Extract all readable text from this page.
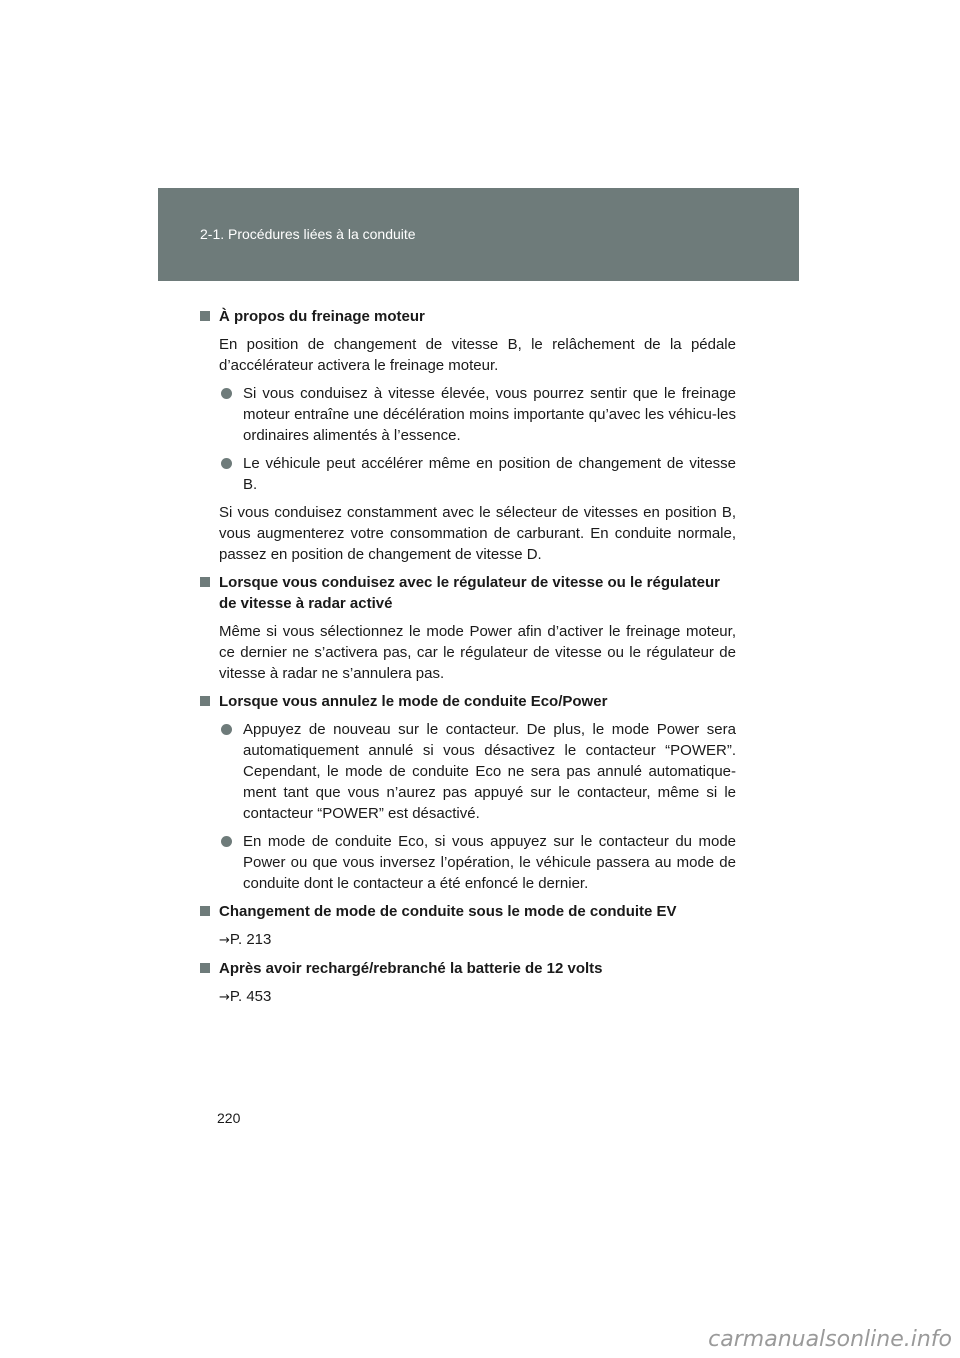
2-1. Procédures liées à la conduite
À propos du freinage moteur
En position de changement de vitesse B, le relâchement de la pédale d’accélérateur activera le freinage moteur.
Si vous conduisez à vitesse élevée, vous pourrez sentir que le freinage moteur entraîne une décélération moins importante qu’avec les véhicu-les ordinaires alimentés à l’essence.
Le véhicule peut accélérer même en position de changement de vitesse B.
Si vous conduisez constamment avec le sélecteur de vitesses en position B, vous augmenterez votre consommation de carburant. En conduite normale, passez en position de changement de vitesse D.
Lorsque vous conduisez avec le régulateur de vitesse ou le régulateur de vitesse à radar activé
Même si vous sélectionnez le mode Power afin d’activer le freinage moteur, ce dernier ne s’activera pas, car le régulateur de vitesse ou le régulateur de vitesse à radar ne s’annulera pas.
Lorsque vous annulez le mode de conduite Eco/Power
Appuyez de nouveau sur le contacteur. De plus, le mode Power sera automatiquement annulé si vous désactivez le contacteur “POWER”. Cependant, le mode de conduite Eco ne sera pas annulé automatique-ment tant que vous n’aurez pas appuyé sur le contacteur, même si le contacteur “POWER” est désactivé.
En mode de conduite Eco, si vous appuyez sur le contacteur du mode Power ou que vous inversez l’opération, le véhicule passera au mode de conduite dont le contacteur a été enfoncé le dernier.
Changement de mode de conduite sous le mode de conduite EV
→P. 213
Après avoir rechargé/rebranché la batterie de 12 volts
→P. 453
220
carmanualsonline.info
